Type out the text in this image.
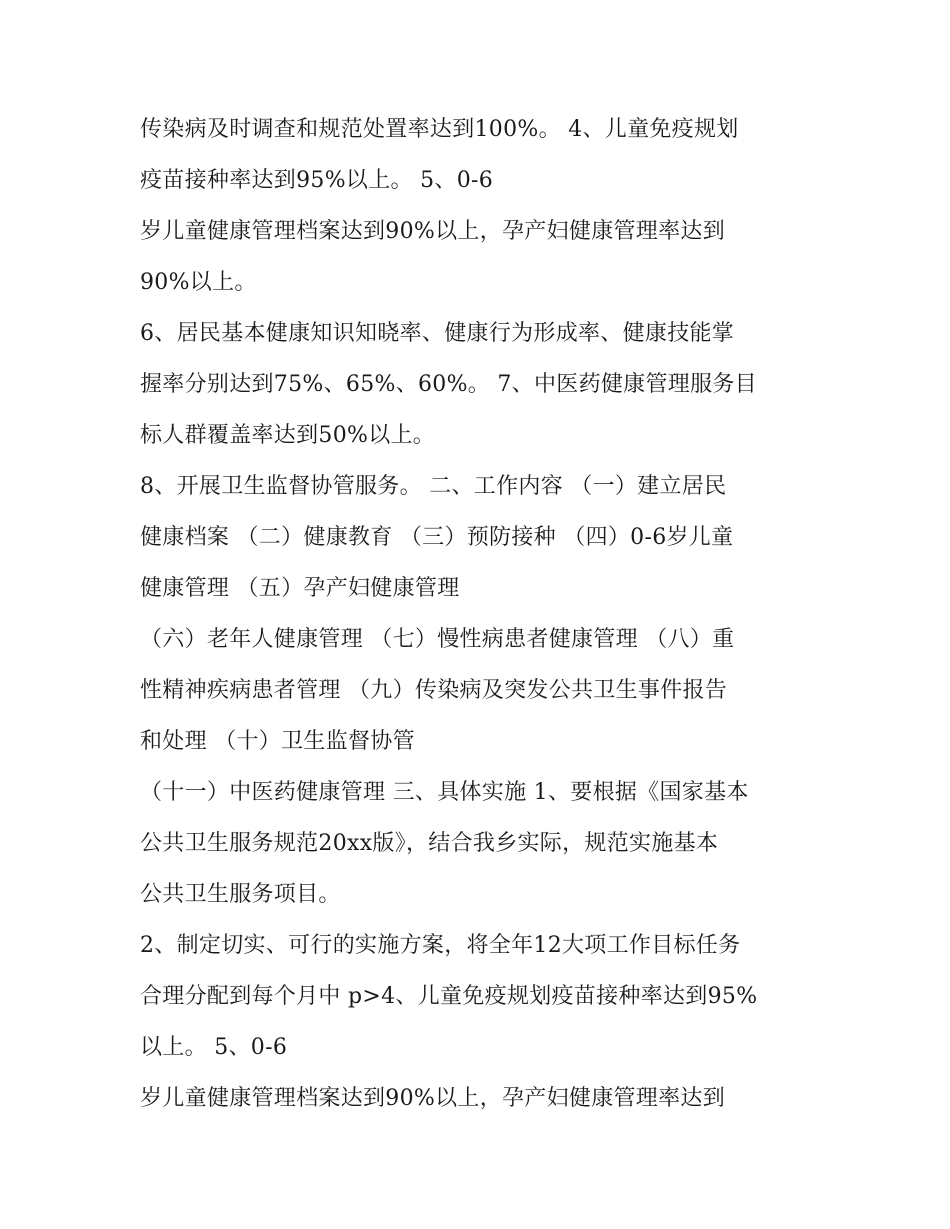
传染病及时调查和规范处置率达到100%。 4、儿童免疫规划
疫苗接种率达到95%以上。 5、0-6
岁儿童健康管理档案达到90%以上，孕产妇健康管理率达到
90%以上。
6、居民基本健康知识知晓率、健康行为形成率、健康技能掌
握率分别达到75%、65%、60%。 7、中医药健康管理服务目
标人群覆盖率达到50%以上。
8、开展卫生监督协管服务。 二、工作内容 （一）建立居民
健康档案 （二）健康教育 （三）预防接种 （四）0-6岁儿童
健康管理 （五）孕产妇健康管理
（六）老年人健康管理 （七）慢性病患者健康管理 （八）重
性精神疾病患者管理 （九）传染病及突发公共卫生事件报告
和处理 （十）卫生监督协管
（十一）中医药健康管理 三、具体实施 1、要根据《国家基本
公共卫生服务规范20xx版》，结合我乡实际，规范实施基本
公共卫生服务项目。
2、制定切实、可行的实施方案，将全年12大项工作目标任务
合理分配到每个月中 p>4、儿童免疫规划疫苗接种率达到95%
以上。 5、0-6
岁儿童健康管理档案达到90%以上，孕产妇健康管理率达到
